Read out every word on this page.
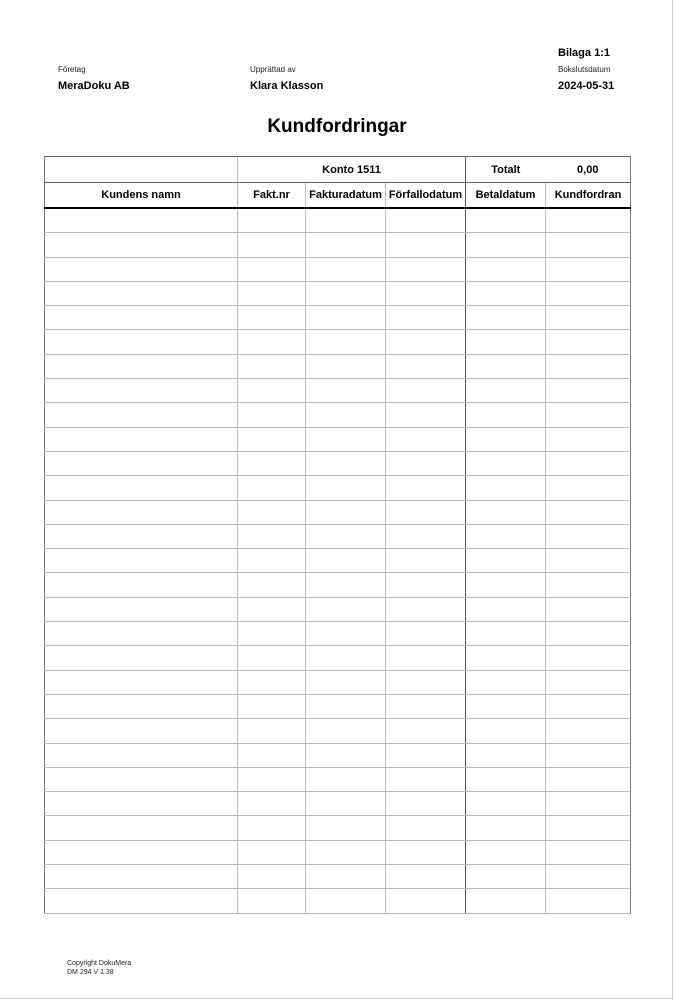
Bilaga 1:1
Företag	Upprättad av	Bokslutsdatum
MeraDoku AB	Klara Klasson	2024-05-31
Kundfordringar
	Konto 1511			Totalt	0,00
Kundens namn	Fakt.nr	Fakturadatum	Förfallodatum	Betaldatum	Kundfordran

Copyright DokuMera
DM 294 V 1.38
